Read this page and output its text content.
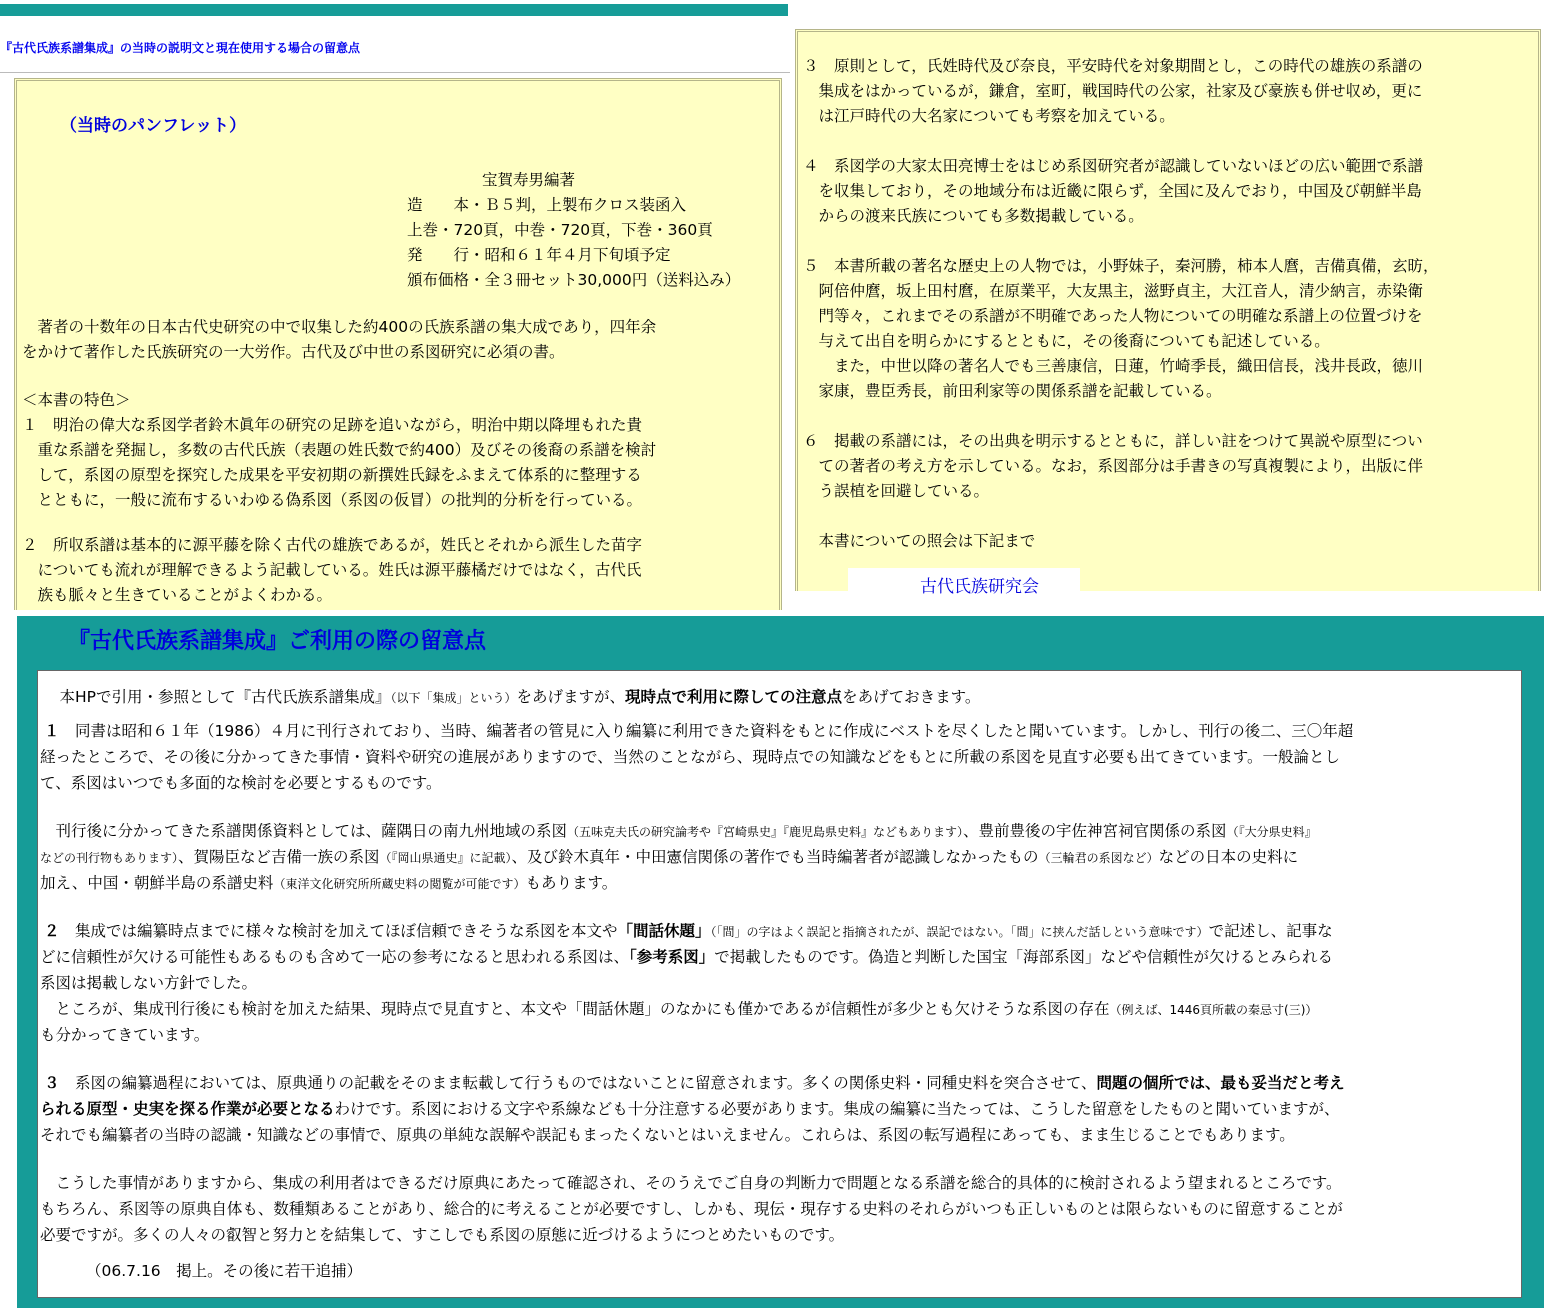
『古代氏族系譜集成』の当時の説明文と現在使用する場合の留意点
（当時のパンフレット）
宝賀寿男編著
造　　本・Ｂ５判，上製布クロス装函入
上巻・720頁，中巻・720頁，下巻・360頁
発　　行・昭和６１年４月下旬頃予定
頒布価格・全３冊セット30,000円（送料込み）
　著者の十数年の日本古代史研究の中で収集した約400の氏族系譜の集大成であり，四年余
をかけて著作した氏族研究の一大労作。古代及び中世の系図研究に必須の書。
＜本書の特色＞
１　明治の偉大な系図学者鈴木眞年の研究の足跡を追いながら，明治中期以降埋もれた貴
　重な系譜を発掘し，多数の古代氏族（表題の姓氏数で約400）及びその後裔の系譜を検討
　して，系図の原型を探究した成果を平安初期の新撰姓氏録をふまえて体系的に整理する
　とともに，一般に流布するいわゆる偽系図（系図の仮冒）の批判的分析を行っている。
２　所収系譜は基本的に源平藤を除く古代の雄族であるが，姓氏とそれから派生した苗字
　についても流れが理解できるよう記載している。姓氏は源平藤橘だけではなく，古代氏
　族も脈々と生きていることがよくわかる。
３　原則として，氏姓時代及び奈良，平安時代を対象期間とし，この時代の雄族の系譜の
　集成をはかっているが，鎌倉，室町，戦国時代の公家，社家及び豪族も併せ収め，更に
　は江戸時代の大名家についても考察を加えている。
４　系図学の大家太田亮博士をはじめ系図研究者が認識していないほどの広い範囲で系譜
　を収集しており，その地域分布は近畿に限らず，全国に及んでおり，中国及び朝鮮半島
　からの渡来氏族についても多数掲載している。
５　本書所載の著名な歴史上の人物では，小野妹子，秦河勝，柿本人麿，吉備真備，玄昉，
　阿倍仲麿，坂上田村麿，在原業平，大友黒主，滋野貞主，大江音人，清少納言，赤染衛
　門等々，これまでその系譜が不明確であった人物についての明確な系譜上の位置づけを
　与えて出自を明らかにするとともに，その後裔についても記述している。
　　また，中世以降の著名人でも三善康信，日蓮，竹崎季長，織田信長，浅井長政，徳川
　家康，豊臣秀長，前田利家等の関係系譜を記載している。
６　掲載の系譜には，その出典を明示するとともに，詳しい註をつけて異説や原型につい
　ての著者の考え方を示している。なお，系図部分は手書きの写真複製により，出版に伴
　う誤植を回避している。
　本書についての照会は下記まで
古代氏族研究会
『古代氏族系譜集成』ご利用の際の留意点
　本HPで引用・参照として『古代氏族系譜集成』（以下「集成」という）をあげますが、現時点で利用に際しての注意点をあげておきます。
１　同書は昭和６１年（1986）４月に刊行されており、当時、編著者の管見に入り編纂に利用できた資料をもとに作成にベストを尽くしたと聞いています。しかし、刊行の後二、三〇年超
経ったところで、その後に分かってきた事情・資料や研究の進展がありますので、当然のことながら、現時点での知識などをもとに所載の系図を見直す必要も出てきています。一般論とし
て、系図はいつでも多面的な検討を必要とするものです。
　刊行後に分かってきた系譜関係資料としては、薩隅日の南九州地域の系図（五味克夫氏の研究論考や『宮崎県史』『鹿児島県史料』などもあります）、豊前豊後の宇佐神宮祠官関係の系図（『大分県史料』
などの刊行物もあります）、賀陽臣など吉備一族の系図（『岡山県通史』に記載）、及び鈴木真年・中田憲信関係の著作でも当時編著者が認識しなかったもの（三輪君の系図など）などの日本の史料に
加え、中国・朝鮮半島の系譜史料（東洋文化研究所所蔵史料の閲覧が可能です）もあります。
２　集成では編纂時点までに様々な検討を加えてほぼ信頼できそうな系図を本文や「間話休題」（「間」の字はよく誤記と指摘されたが、誤記ではない。「間」に挟んだ話しという意味です）で記述し、記事な
どに信頼性が欠ける可能性もあるものも含めて一応の参考になると思われる系図は、「参考系図」で掲載したものです。偽造と判断した国宝「海部系図」などや信頼性が欠けるとみられる
系図は掲載しない方針でした。
　ところが、集成刊行後にも検討を加えた結果、現時点で見直すと、本文や「間話休題」のなかにも僅かであるが信頼性が多少とも欠けそうな系図の存在（例えば、1446頁所載の秦忌寸(三)）
も分かってきています。
３　系図の編纂過程においては、原典通りの記載をそのまま転載して行うものではないことに留意されます。多くの関係史料・同種史料を突合させて、問題の個所では、最も妥当だと考え
られる原型・史実を探る作業が必要となるわけです。系図における文字や系線なども十分注意する必要があります。集成の編纂に当たっては、こうした留意をしたものと聞いていますが、
それでも編纂者の当時の認識・知識などの事情で、原典の単純な誤解や誤記もまったくないとはいえません。これらは、系図の転写過程にあっても、まま生じることでもあります。
　こうした事情がありますから、集成の利用者はできるだけ原典にあたって確認され、そのうえでご自身の判断力で問題となる系譜を総合的具体的に検討されるよう望まれるところです。
もちろん、系図等の原典自体も、数種類あることがあり、総合的に考えることが必要ですし、しかも、現伝・現存する史料のそれらがいつも正しいものとは限らないものに留意することが
必要ですが。多くの人々の叡智と努力とを結集して、すこしでも系図の原態に近づけるようにつとめたいものです。
（06.7.16　掲上。その後に若干追捕）
